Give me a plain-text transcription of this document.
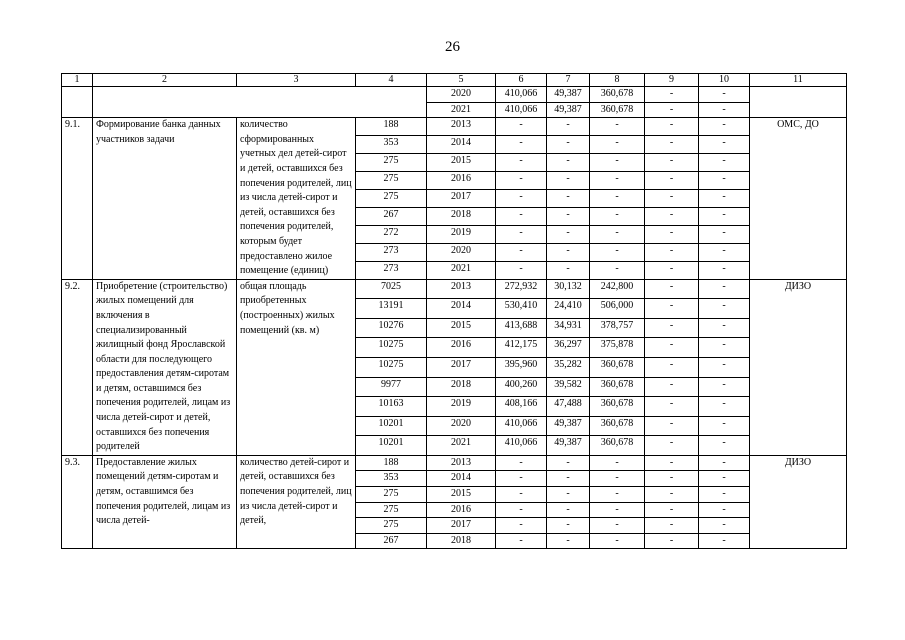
26
1	2	3	4	5	6	7	8	9	10	11
				2020	410,066	49,387	360,678	-	-	
				2021	410,066	49,387	360,678	-	-	
9.1.	Формирование банка данных участников задачи	количество сформированных учетных дел детей-сирот и детей, оставшихся без попечения родителей, лиц из числа детей-сирот и детей, оставшихся без попечения родителей, которым будет предоставлено жилое помещение (единиц)	188	2013	-	-	-	-	-	ОМС, ДО
			353	2014	-	-	-	-	-	
			275	2015	-	-	-	-	-	
			275	2016	-	-	-	-	-	
			275	2017	-	-	-	-	-	
			267	2018	-	-	-	-	-	
			272	2019	-	-	-	-	-	
			273	2020	-	-	-	-	-	
			273	2021	-	-	-	-	-	
9.2.	Приобретение (строительство) жилых помещений для включения в специализированный жилищный фонд Ярославской области для последующего предоставления детям-сиротам и детям, оставшимся без попечения родителей, лицам из числа детей-сирот и детей, оставшихся без попечения родителей	общая площадь приобретенных (построенных) жилых помещений (кв. м)	7025	2013	272,932	30,132	242,800	-	-	ДИЗО
			13191	2014	530,410	24,410	506,000	-	-	
			10276	2015	413,688	34,931	378,757	-	-	
			10275	2016	412,175	36,297	375,878	-	-	
			10275	2017	395,960	35,282	360,678	-	-	
			9977	2018	400,260	39,582	360,678	-	-	
			10163	2019	408,166	47,488	360,678	-	-	
			10201	2020	410,066	49,387	360,678	-	-	
			10201	2021	410,066	49,387	360,678	-	-	
9.3.	Предоставление жилых помещений детям-сиротам и детям, оставшимся без попечения родителей, лицам из числа детей-	количество детей-сирот и детей, оставшихся без попечения родителей, лиц из числа детей-сирот и детей,	188	2013	-	-	-	-	-	ДИЗО
			353	2014	-	-	-	-	-	
			275	2015	-	-	-	-	-	
			275	2016	-	-	-	-	-	
			275	2017	-	-	-	-	-	
			267	2018	-	-	-	-	-	
